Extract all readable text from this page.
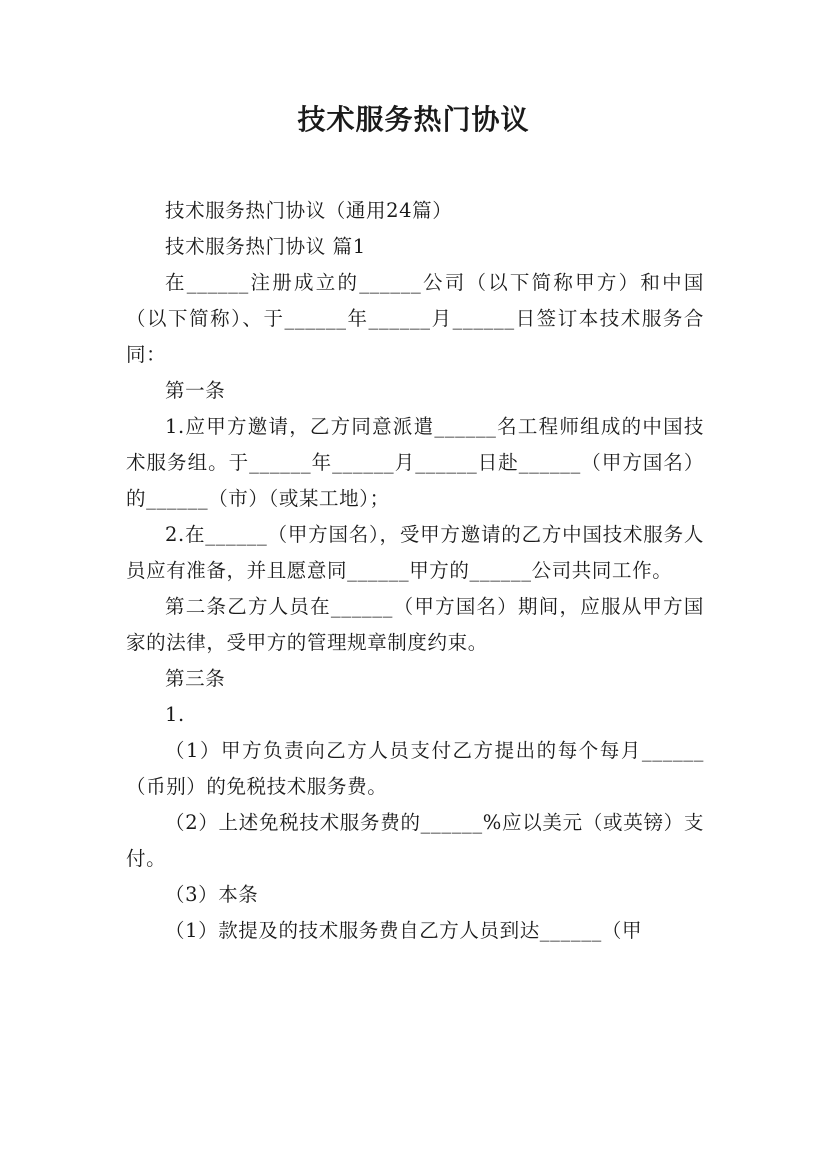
技术服务热门协议

技术服务热门协议（通用24篇）

技术服务热门协议 篇1

在______注册成立的______公司（以下简称甲方）和中国（以下简称）、于______年______月______日签订本技术服务合同：

第一条

1.应甲方邀请，乙方同意派遣______名工程师组成的中国技术服务组。于______年______月______日赴______（甲方国名）的______（市）（或某工地）；

2.在______（甲方国名），受甲方邀请的乙方中国技术服务人员应有准备，并且愿意同______甲方的______公司共同工作。

第二条乙方人员在______（甲方国名）期间，应服从甲方国家的法律，受甲方的管理规章制度约束。

第三条

1.

（1）甲方负责向乙方人员支付乙方提出的每个每月______（币别）的免税技术服务费。

（2）上述免税技术服务费的______%应以美元（或英镑）支付。

（3）本条

（1）款提及的技术服务费自乙方人员到达______（甲
